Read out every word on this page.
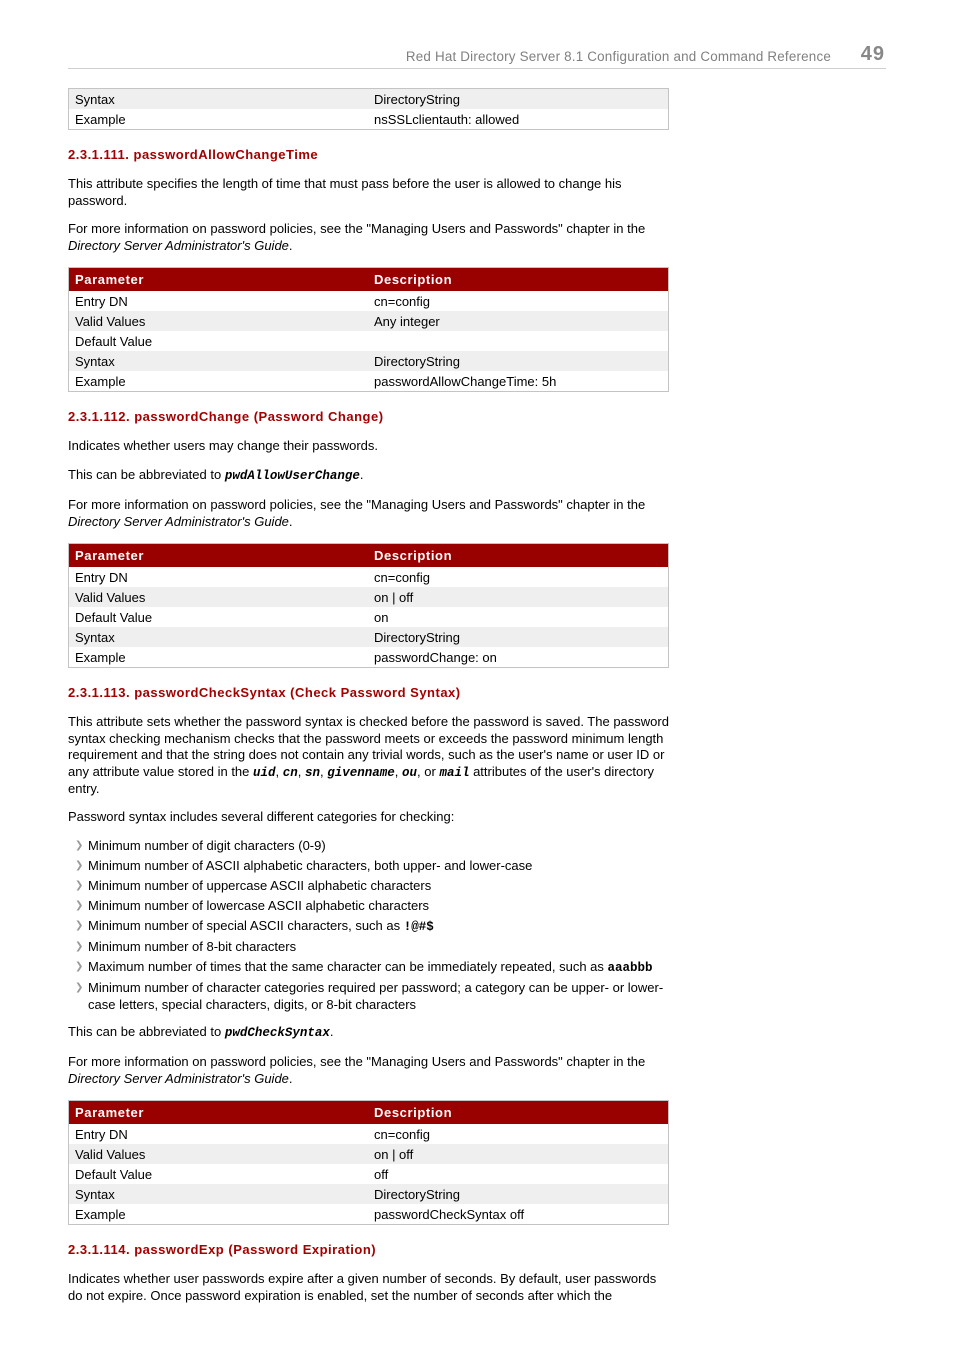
Red Hat Directory Server 8.1 Configuration and Command Reference 49
Syntax	DirectoryString
Example	nsSSLclientauth: allowed
2.3.1.111. passwordAllowChangeTime

This attribute specifies the length of time that must pass before the user is allowed to change his password.

For more information on password policies, see the "Managing Users and Passwords" chapter in the
Directory Server Administrator's Guide.

Parameter	Description
Entry DN	cn=config
Valid Values	Any integer
Default Value	
Syntax	DirectoryString
Example	passwordAllowChangeTime: 5h
2.3.1.112. passwordChange (Password Change)

Indicates whether users may change their passwords.

This can be abbreviated to pwdAllowUserChange.

For more information on password policies, see the "Managing Users and Passwords" chapter in the
Directory Server Administrator's Guide.

Parameter	Description
Entry DN	cn=config
Valid Values	on | off
Default Value	on
Syntax	DirectoryString
Example	passwordChange: on
2.3.1.113. passwordCheckSyntax (Check Password Syntax)

This attribute sets whether the password syntax is checked before the password is saved. The password syntax checking mechanism checks that the password meets or exceeds the password minimum length requirement and that the string does not contain any trivial words, such as the user's name or user ID or any attribute value stored in the uid, cn, sn, givenname, ou, or mail attributes of the user's directory entry.

Password syntax includes several different categories for checking:

❯ Minimum number of digit characters (0-9)
❯ Minimum number of ASCII alphabetic characters, both upper- and lower-case
❯ Minimum number of uppercase ASCII alphabetic characters
❯ Minimum number of lowercase ASCII alphabetic characters
❯ Minimum number of special ASCII characters, such as !@#$
❯ Minimum number of 8-bit characters
❯ Maximum number of times that the same character can be immediately repeated, such as aaabbb
❯ Minimum number of character categories required per password; a category can be upper- or lower-case letters, special characters, digits, or 8-bit characters

This can be abbreviated to pwdCheckSyntax.

For more information on password policies, see the "Managing Users and Passwords" chapter in the
Directory Server Administrator's Guide.

Parameter	Description
Entry DN	cn=config
Valid Values	on | off
Default Value	off
Syntax	DirectoryString
Example	passwordCheckSyntax off
2.3.1.114. passwordExp (Password Expiration)

Indicates whether user passwords expire after a given number of seconds. By default, user passwords do not expire. Once password expiration is enabled, set the number of seconds after which the
